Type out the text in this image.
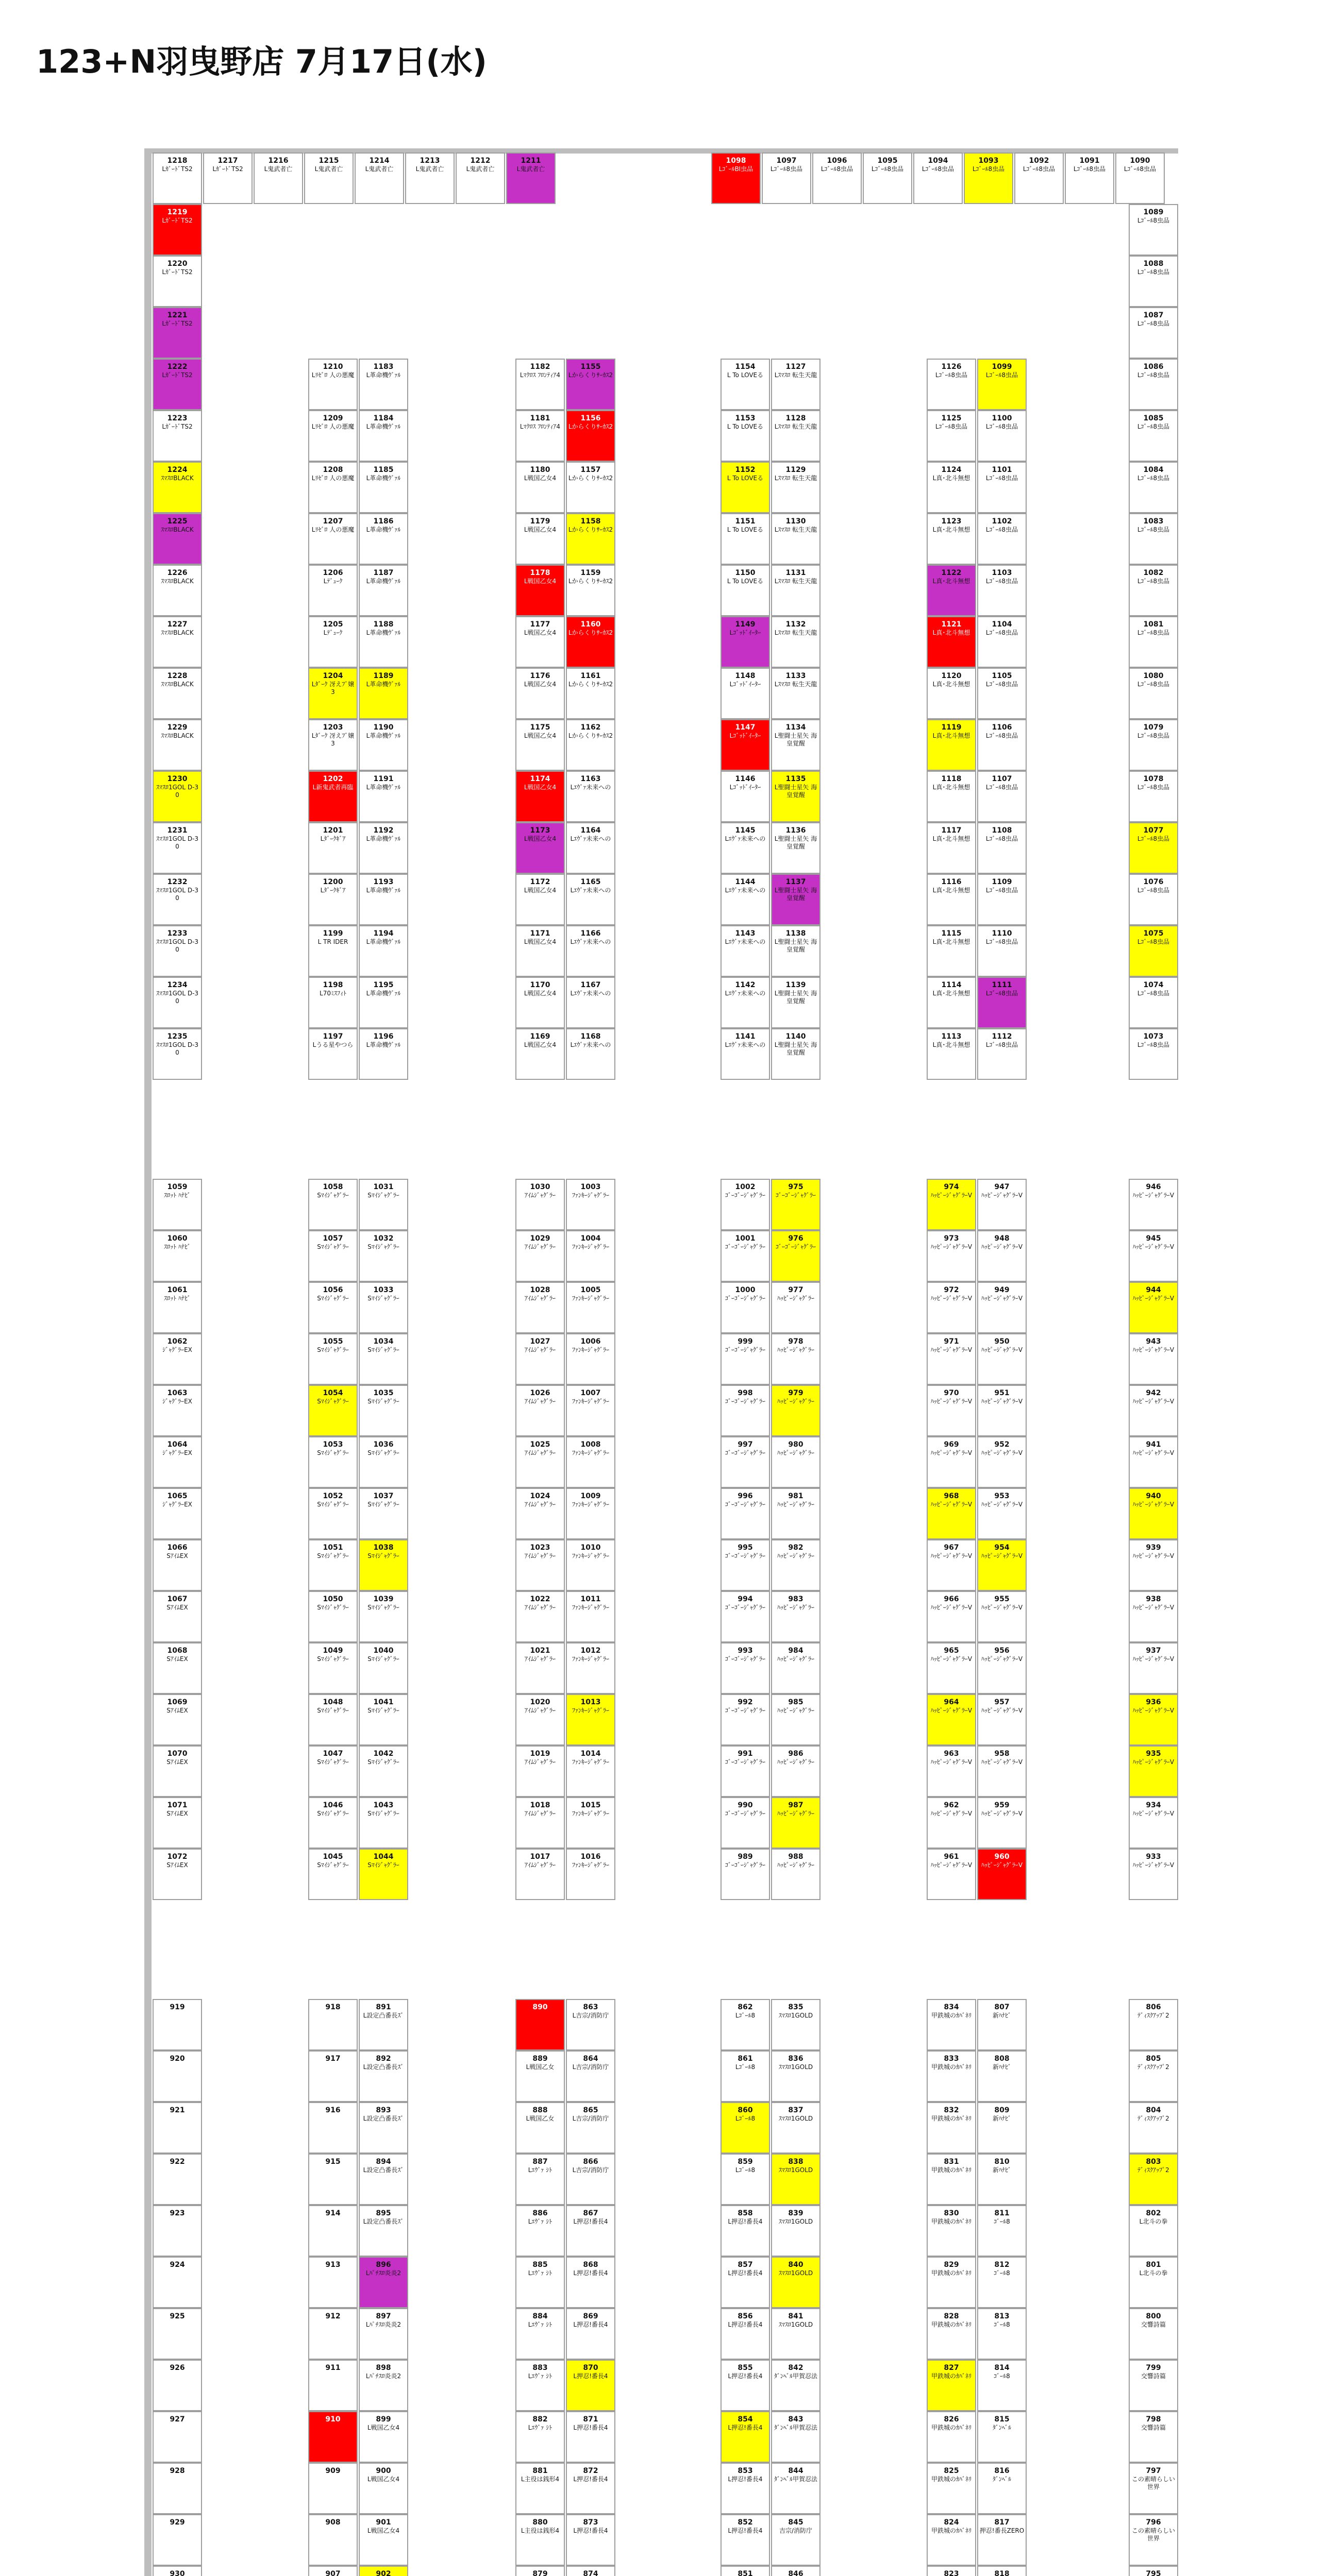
123+N羽曳野店 7月17日(水)
1218
LｶﾞｰﾄﾞTS2
1217
LｶﾞｰﾄﾞTS2
1216
L鬼武者亡
1215
L鬼武者亡
1214
L鬼武者亡
1213
L鬼武者亡
1212
L鬼武者亡
1211
L鬼武者亡
1098
LｺﾞｰﾙBI虫品
1097
Lｺﾞｰﾙ8虫品
1096
Lｺﾞｰﾙ8虫品
1095
Lｺﾞｰﾙ8虫品
1094
Lｺﾞｰﾙ8虫品
1093
Lｺﾞｰﾙ8虫品
1092
Lｺﾞｰﾙ8虫品
1091
Lｺﾞｰﾙ8虫品
1090
Lｺﾞｰﾙ8虫品
1219
LｶﾞｰﾄﾞTS2
1220
LｶﾞｰﾄﾞTS2
1221
LｶﾞｰﾄﾞTS2
1222
LｶﾞｰﾄﾞTS2
1223
LｶﾞｰﾄﾞTS2
1224
ｽﾏｽﾛBLACK
1225
ｽﾏｽﾛBLACK
1226
ｽﾏｽﾛBLACK
1227
ｽﾏｽﾛBLACK
1228
ｽﾏｽﾛBLACK
1229
ｽﾏｽﾛBLACK
1230
ｽﾏｽﾛ1GOL D-30
1231
ｽﾏｽﾛ1GOL D-30
1232
ｽﾏｽﾛ1GOL D-30
1233
ｽﾏｽﾛ1GOL D-30
1234
ｽﾏｽﾛ1GOL D-30
1235
ｽﾏｽﾛ1GOL D-30
1089
Lｺﾞｰﾙ8虫品
1088
Lｺﾞｰﾙ8虫品
1087
Lｺﾞｰﾙ8虫品
1086
Lｺﾞｰﾙ8虫品
1085
Lｺﾞｰﾙ8虫品
1084
Lｺﾞｰﾙ8虫品
1083
Lｺﾞｰﾙ8虫品
1082
Lｺﾞｰﾙ8虫品
1081
Lｺﾞｰﾙ8虫品
1080
Lｺﾞｰﾙ8虫品
1079
Lｺﾞｰﾙ8虫品
1078
Lｺﾞｰﾙ8虫品
1077
Lｺﾞｰﾙ8虫品
1076
Lｺﾞｰﾙ8虫品
1075
Lｺﾞｰﾙ8虫品
1074
Lｺﾞｰﾙ8虫品
1073
Lｺﾞｰﾙ8虫品
1210
Lﾘｾﾞﾛ 人の悪魔
1209
Lﾘｾﾞﾛ 人の悪魔
1208
Lﾘｾﾞﾛ 人の悪魔
1207
Lﾘｾﾞﾛ 人の悪魔
1206
Lﾃﾞｭｰｸ
1205
Lﾃﾞｭｰｸ
1204
Lﾀﾞｰｸ 冴えﾌﾞ嬢3
1203
Lﾀﾞｰｸ 冴えﾌﾞ嬢3
1202
L新鬼武者再臨
1201
Lﾀﾞｰｸｷﾞｱ
1200
Lﾀﾞｰｸｷﾞｱ
1199
L TR IDER
1198
L70ﾐｽﾌｨﾄ
1197
Lうる星やつら
1183
L革命機ｳﾞｧﾙ
1184
L革命機ｳﾞｧﾙ
1185
L革命機ｳﾞｧﾙ
1186
L革命機ｳﾞｧﾙ
1187
L革命機ｳﾞｧﾙ
1188
L革命機ｳﾞｧﾙ
1189
L革命機ｳﾞｧﾙ
1190
L革命機ｳﾞｧﾙ
1191
L革命機ｳﾞｧﾙ
1192
L革命機ｳﾞｧﾙ
1193
L革命機ｳﾞｧﾙ
1194
L革命機ｳﾞｧﾙ
1195
L革命機ｳﾞｧﾙ
1196
L革命機ｳﾞｧﾙ
1182
Lﾏｸﾛｽ ﾌﾛﾝﾃｨｱ4
1181
Lﾏｸﾛｽ ﾌﾛﾝﾃｨｱ4
1180
L戦国乙女4
1179
L戦国乙女4
1178
L戦国乙女4
1177
L戦国乙女4
1176
L戦国乙女4
1175
L戦国乙女4
1174
L戦国乙女4
1173
L戦国乙女4
1172
L戦国乙女4
1171
L戦国乙女4
1170
L戦国乙女4
1169
L戦国乙女4
1155
Lからくりｻｰｶｽ2
1156
Lからくりｻｰｶｽ2
1157
Lからくりｻｰｶｽ2
1158
Lからくりｻｰｶｽ2
1159
Lからくりｻｰｶｽ2
1160
Lからくりｻｰｶｽ2
1161
Lからくりｻｰｶｽ2
1162
Lからくりｻｰｶｽ2
1163
Lｴｳﾞｧ未来への
1164
Lｴｳﾞｧ未来への
1165
Lｴｳﾞｧ未来への
1166
Lｴｳﾞｧ未来への
1167
Lｴｳﾞｧ未来への
1168
Lｴｳﾞｧ未来への
1154
L To LOVEる
1153
L To LOVEる
1152
L To LOVEる
1151
L To LOVEる
1150
L To LOVEる
1149
Lｺﾞｯﾄﾞｲｰﾀｰ
1148
Lｺﾞｯﾄﾞｲｰﾀｰ
1147
Lｺﾞｯﾄﾞｲｰﾀｰ
1146
Lｺﾞｯﾄﾞｲｰﾀｰ
1145
Lｴｳﾞｧ未来への
1144
Lｴｳﾞｧ未来への
1143
Lｴｳﾞｧ未来への
1142
Lｴｳﾞｧ未来への
1141
Lｴｳﾞｧ未来への
1127
Lｽﾏｽﾛ 転生天龍
1128
Lｽﾏｽﾛ 転生天龍
1129
Lｽﾏｽﾛ 転生天龍
1130
Lｽﾏｽﾛ 転生天龍
1131
Lｽﾏｽﾛ 転生天龍
1132
Lｽﾏｽﾛ 転生天龍
1133
Lｽﾏｽﾛ 転生天龍
1134
L聖闘士星矢 海皇覚醒
1135
L聖闘士星矢 海皇覚醒
1136
L聖闘士星矢 海皇覚醒
1137
L聖闘士星矢 海皇覚醒
1138
L聖闘士星矢 海皇覚醒
1139
L聖闘士星矢 海皇覚醒
1140
L聖闘士星矢 海皇覚醒
1126
Lｺﾞｰﾙ8虫品
1125
Lｺﾞｰﾙ8虫品
1124
L真･北斗無想
1123
L真･北斗無想
1122
L真･北斗無想
1121
L真･北斗無想
1120
L真･北斗無想
1119
L真･北斗無想
1118
L真･北斗無想
1117
L真･北斗無想
1116
L真･北斗無想
1115
L真･北斗無想
1114
L真･北斗無想
1113
L真･北斗無想
1099
Lｺﾞｰﾙ8虫品
1100
Lｺﾞｰﾙ8虫品
1101
Lｺﾞｰﾙ8虫品
1102
Lｺﾞｰﾙ8虫品
1103
Lｺﾞｰﾙ8虫品
1104
Lｺﾞｰﾙ8虫品
1105
Lｺﾞｰﾙ8虫品
1106
Lｺﾞｰﾙ8虫品
1107
Lｺﾞｰﾙ8虫品
1108
Lｺﾞｰﾙ8虫品
1109
Lｺﾞｰﾙ8虫品
1110
Lｺﾞｰﾙ8虫品
1111
Lｺﾞｰﾙ8虫品
1112
Lｺﾞｰﾙ8虫品
1059
ｽﾛｯﾄ ﾊﾅﾋﾞ
1060
ｽﾛｯﾄ ﾊﾅﾋﾞ
1061
ｽﾛｯﾄ ﾊﾅﾋﾞ
1062
ｼﾞｬｸﾞﾗｰEX
1063
ｼﾞｬｸﾞﾗｰEX
1064
ｼﾞｬｸﾞﾗｰEX
1065
ｼﾞｬｸﾞﾗｰEX
1066
SｱｲﾑEX
1067
SｱｲﾑEX
1068
SｱｲﾑEX
1069
SｱｲﾑEX
1070
SｱｲﾑEX
1071
SｱｲﾑEX
1072
SｱｲﾑEX
1058
Sﾏｲｼﾞｬｸﾞﾗｰ
1057
Sﾏｲｼﾞｬｸﾞﾗｰ
1056
Sﾏｲｼﾞｬｸﾞﾗｰ
1055
Sﾏｲｼﾞｬｸﾞﾗｰ
1054
Sﾏｲｼﾞｬｸﾞﾗｰ
1053
Sﾏｲｼﾞｬｸﾞﾗｰ
1052
Sﾏｲｼﾞｬｸﾞﾗｰ
1051
Sﾏｲｼﾞｬｸﾞﾗｰ
1050
Sﾏｲｼﾞｬｸﾞﾗｰ
1049
Sﾏｲｼﾞｬｸﾞﾗｰ
1048
Sﾏｲｼﾞｬｸﾞﾗｰ
1047
Sﾏｲｼﾞｬｸﾞﾗｰ
1046
Sﾏｲｼﾞｬｸﾞﾗｰ
1045
Sﾏｲｼﾞｬｸﾞﾗｰ
1031
Sﾏｲｼﾞｬｸﾞﾗｰ
1032
Sﾏｲｼﾞｬｸﾞﾗｰ
1033
Sﾏｲｼﾞｬｸﾞﾗｰ
1034
Sﾏｲｼﾞｬｸﾞﾗｰ
1035
Sﾏｲｼﾞｬｸﾞﾗｰ
1036
Sﾏｲｼﾞｬｸﾞﾗｰ
1037
Sﾏｲｼﾞｬｸﾞﾗｰ
1038
Sﾏｲｼﾞｬｸﾞﾗｰ
1039
Sﾏｲｼﾞｬｸﾞﾗｰ
1040
Sﾏｲｼﾞｬｸﾞﾗｰ
1041
Sﾏｲｼﾞｬｸﾞﾗｰ
1042
Sﾏｲｼﾞｬｸﾞﾗｰ
1043
Sﾏｲｼﾞｬｸﾞﾗｰ
1044
Sﾏｲｼﾞｬｸﾞﾗｰ
1030
ｱｲﾑｼﾞｬｸﾞﾗｰ
1029
ｱｲﾑｼﾞｬｸﾞﾗｰ
1028
ｱｲﾑｼﾞｬｸﾞﾗｰ
1027
ｱｲﾑｼﾞｬｸﾞﾗｰ
1026
ｱｲﾑｼﾞｬｸﾞﾗｰ
1025
ｱｲﾑｼﾞｬｸﾞﾗｰ
1024
ｱｲﾑｼﾞｬｸﾞﾗｰ
1023
ｱｲﾑｼﾞｬｸﾞﾗｰ
1022
ｱｲﾑｼﾞｬｸﾞﾗｰ
1021
ｱｲﾑｼﾞｬｸﾞﾗｰ
1020
ｱｲﾑｼﾞｬｸﾞﾗｰ
1019
ｱｲﾑｼﾞｬｸﾞﾗｰ
1018
ｱｲﾑｼﾞｬｸﾞﾗｰ
1017
ｱｲﾑｼﾞｬｸﾞﾗｰ
1003
ﾌｧﾝｷｰｼﾞｬｸﾞﾗｰ
1004
ﾌｧﾝｷｰｼﾞｬｸﾞﾗｰ
1005
ﾌｧﾝｷｰｼﾞｬｸﾞﾗｰ
1006
ﾌｧﾝｷｰｼﾞｬｸﾞﾗｰ
1007
ﾌｧﾝｷｰｼﾞｬｸﾞﾗｰ
1008
ﾌｧﾝｷｰｼﾞｬｸﾞﾗｰ
1009
ﾌｧﾝｷｰｼﾞｬｸﾞﾗｰ
1010
ﾌｧﾝｷｰｼﾞｬｸﾞﾗｰ
1011
ﾌｧﾝｷｰｼﾞｬｸﾞﾗｰ
1012
ﾌｧﾝｷｰｼﾞｬｸﾞﾗｰ
1013
ﾌｧﾝｷｰｼﾞｬｸﾞﾗｰ
1014
ﾌｧﾝｷｰｼﾞｬｸﾞﾗｰ
1015
ﾌｧﾝｷｰｼﾞｬｸﾞﾗｰ
1016
ﾌｧﾝｷｰｼﾞｬｸﾞﾗｰ
1002
ｺﾞｰｺﾞｰｼﾞｬｸﾞﾗｰ
1001
ｺﾞｰｺﾞｰｼﾞｬｸﾞﾗｰ
1000
ｺﾞｰｺﾞｰｼﾞｬｸﾞﾗｰ
999
ｺﾞｰｺﾞｰｼﾞｬｸﾞﾗｰ
998
ｺﾞｰｺﾞｰｼﾞｬｸﾞﾗｰ
997
ｺﾞｰｺﾞｰｼﾞｬｸﾞﾗｰ
996
ｺﾞｰｺﾞｰｼﾞｬｸﾞﾗｰ
995
ｺﾞｰｺﾞｰｼﾞｬｸﾞﾗｰ
994
ｺﾞｰｺﾞｰｼﾞｬｸﾞﾗｰ
993
ｺﾞｰｺﾞｰｼﾞｬｸﾞﾗｰ
992
ｺﾞｰｺﾞｰｼﾞｬｸﾞﾗｰ
991
ｺﾞｰｺﾞｰｼﾞｬｸﾞﾗｰ
990
ｺﾞｰｺﾞｰｼﾞｬｸﾞﾗｰ
989
ｺﾞｰｺﾞｰｼﾞｬｸﾞﾗｰ
975
ｺﾞｰｺﾞｰｼﾞｬｸﾞﾗｰ
976
ｺﾞｰｺﾞｰｼﾞｬｸﾞﾗｰ
977
ﾊｯﾋﾟｰｼﾞｬｸﾞﾗｰ
978
ﾊｯﾋﾟｰｼﾞｬｸﾞﾗｰ
979
ﾊｯﾋﾟｰｼﾞｬｸﾞﾗｰ
980
ﾊｯﾋﾟｰｼﾞｬｸﾞﾗｰ
981
ﾊｯﾋﾟｰｼﾞｬｸﾞﾗｰ
982
ﾊｯﾋﾟｰｼﾞｬｸﾞﾗｰ
983
ﾊｯﾋﾟｰｼﾞｬｸﾞﾗｰ
984
ﾊｯﾋﾟｰｼﾞｬｸﾞﾗｰ
985
ﾊｯﾋﾟｰｼﾞｬｸﾞﾗｰ
986
ﾊｯﾋﾟｰｼﾞｬｸﾞﾗｰ
987
ﾊｯﾋﾟｰｼﾞｬｸﾞﾗｰ
988
ﾊｯﾋﾟｰｼﾞｬｸﾞﾗｰ
974
ﾊｯﾋﾟｰｼﾞｬｸﾞﾗｰV
973
ﾊｯﾋﾟｰｼﾞｬｸﾞﾗｰV
972
ﾊｯﾋﾟｰｼﾞｬｸﾞﾗｰV
971
ﾊｯﾋﾟｰｼﾞｬｸﾞﾗｰV
970
ﾊｯﾋﾟｰｼﾞｬｸﾞﾗｰV
969
ﾊｯﾋﾟｰｼﾞｬｸﾞﾗｰV
968
ﾊｯﾋﾟｰｼﾞｬｸﾞﾗｰV
967
ﾊｯﾋﾟｰｼﾞｬｸﾞﾗｰV
966
ﾊｯﾋﾟｰｼﾞｬｸﾞﾗｰV
965
ﾊｯﾋﾟｰｼﾞｬｸﾞﾗｰV
964
ﾊｯﾋﾟｰｼﾞｬｸﾞﾗｰV
963
ﾊｯﾋﾟｰｼﾞｬｸﾞﾗｰV
962
ﾊｯﾋﾟｰｼﾞｬｸﾞﾗｰV
961
ﾊｯﾋﾟｰｼﾞｬｸﾞﾗｰV
947
ﾊｯﾋﾟｰｼﾞｬｸﾞﾗｰV
948
ﾊｯﾋﾟｰｼﾞｬｸﾞﾗｰV
949
ﾊｯﾋﾟｰｼﾞｬｸﾞﾗｰV
950
ﾊｯﾋﾟｰｼﾞｬｸﾞﾗｰV
951
ﾊｯﾋﾟｰｼﾞｬｸﾞﾗｰV
952
ﾊｯﾋﾟｰｼﾞｬｸﾞﾗｰV
953
ﾊｯﾋﾟｰｼﾞｬｸﾞﾗｰV
954
ﾊｯﾋﾟｰｼﾞｬｸﾞﾗｰV
955
ﾊｯﾋﾟｰｼﾞｬｸﾞﾗｰV
956
ﾊｯﾋﾟｰｼﾞｬｸﾞﾗｰV
957
ﾊｯﾋﾟｰｼﾞｬｸﾞﾗｰV
958
ﾊｯﾋﾟｰｼﾞｬｸﾞﾗｰV
959
ﾊｯﾋﾟｰｼﾞｬｸﾞﾗｰV
960
ﾊｯﾋﾟｰｼﾞｬｸﾞﾗｰV
946
ﾊｯﾋﾟｰｼﾞｬｸﾞﾗｰV
945
ﾊｯﾋﾟｰｼﾞｬｸﾞﾗｰV
944
ﾊｯﾋﾟｰｼﾞｬｸﾞﾗｰV
943
ﾊｯﾋﾟｰｼﾞｬｸﾞﾗｰV
942
ﾊｯﾋﾟｰｼﾞｬｸﾞﾗｰV
941
ﾊｯﾋﾟｰｼﾞｬｸﾞﾗｰV
940
ﾊｯﾋﾟｰｼﾞｬｸﾞﾗｰV
939
ﾊｯﾋﾟｰｼﾞｬｸﾞﾗｰV
938
ﾊｯﾋﾟｰｼﾞｬｸﾞﾗｰV
937
ﾊｯﾋﾟｰｼﾞｬｸﾞﾗｰV
936
ﾊｯﾋﾟｰｼﾞｬｸﾞﾗｰV
935
ﾊｯﾋﾟｰｼﾞｬｸﾞﾗｰV
934
ﾊｯﾋﾟｰｼﾞｬｸﾞﾗｰV
933
ﾊｯﾋﾟｰｼﾞｬｸﾞﾗｰV
919
920
921
922
923
924
925
926
927
928
929
930
918
917
916
915
914
913
912
911
910
909
908
907
891
L設定凸番長ｽﾞ
892
L設定凸番長ｽﾞ
893
L設定凸番長ｽﾞ
894
L設定凸番長ｽﾞ
895
L設定凸番長ｽﾞ
896
Lﾊﾟﾁｽﾛ炎炎2
897
Lﾊﾟﾁｽﾛ炎炎2
898
Lﾊﾟﾁｽﾛ炎炎2
899
L戦国乙女4
900
L戦国乙女4
901
L戦国乙女4
902
890
889
L戦国乙女
888
L戦国乙女
887
Lｴｳﾞｧ ｼﾄ
886
Lｴｳﾞｧ ｼﾄ
885
Lｴｳﾞｧ ｼﾄ
884
Lｴｳﾞｧ ｼﾄ
883
Lｴｳﾞｧ ｼﾄ
882
Lｴｳﾞｧ ｼﾄ
881
L主役は銭形4
880
L主役は銭形4
879
863
L吉宗/消防庁
864
L吉宗/消防庁
865
L吉宗/消防庁
866
L吉宗/消防庁
867
L押忍!番長4
868
L押忍!番長4
869
L押忍!番長4
870
L押忍!番長4
871
L押忍!番長4
872
L押忍!番長4
873
L押忍!番長4
874
862
Lｺﾞｰﾙ8
861
Lｺﾞｰﾙ8
860
Lｺﾞｰﾙ8
859
Lｺﾞｰﾙ8
858
L押忍!番長4
857
L押忍!番長4
856
L押忍!番長4
855
L押忍!番長4
854
L押忍!番長4
853
L押忍!番長4
852
L押忍!番長4
851
835
ｽﾏｽﾛ1GOLD
836
ｽﾏｽﾛ1GOLD
837
ｽﾏｽﾛ1GOLD
838
ｽﾏｽﾛ1GOLD
839
ｽﾏｽﾛ1GOLD
840
ｽﾏｽﾛ1GOLD
841
ｽﾏｽﾛ1GOLD
842
ﾀﾞﾝﾍﾞﾙ甲賀忍法
843
ﾀﾞﾝﾍﾞﾙ甲賀忍法
844
ﾀﾞﾝﾍﾞﾙ甲賀忍法
845
吉宗/消防庁
846
834
甲鉄城のｶﾊﾞﾈﾘ
833
甲鉄城のｶﾊﾞﾈﾘ
832
甲鉄城のｶﾊﾞﾈﾘ
831
甲鉄城のｶﾊﾞﾈﾘ
830
甲鉄城のｶﾊﾞﾈﾘ
829
甲鉄城のｶﾊﾞﾈﾘ
828
甲鉄城のｶﾊﾞﾈﾘ
827
甲鉄城のｶﾊﾞﾈﾘ
826
甲鉄城のｶﾊﾞﾈﾘ
825
甲鉄城のｶﾊﾞﾈﾘ
824
甲鉄城のｶﾊﾞﾈﾘ
823
807
新ﾊﾅﾋﾞ
808
新ﾊﾅﾋﾞ
809
新ﾊﾅﾋﾞ
810
新ﾊﾅﾋﾞ
811
ｺﾞｰﾙ8
812
ｺﾞｰﾙ8
813
ｺﾞｰﾙ8
814
ｺﾞｰﾙ8
815
ﾀﾞﾝﾍﾞﾙ
816
ﾀﾞﾝﾍﾞﾙ
817
押忍!番長ZERO
818
806
ﾃﾞｨｽｸｱｯﾌﾟ2
805
ﾃﾞｨｽｸｱｯﾌﾟ2
804
ﾃﾞｨｽｸｱｯﾌﾟ2
803
ﾃﾞｨｽｸｱｯﾌﾟ2
802
L北斗の拳
801
L北斗の拳
800
交響詩篇
799
交響詩篇
798
交響詩篇
797
この素晴らしい世界
796
この素晴らしい世界
795
